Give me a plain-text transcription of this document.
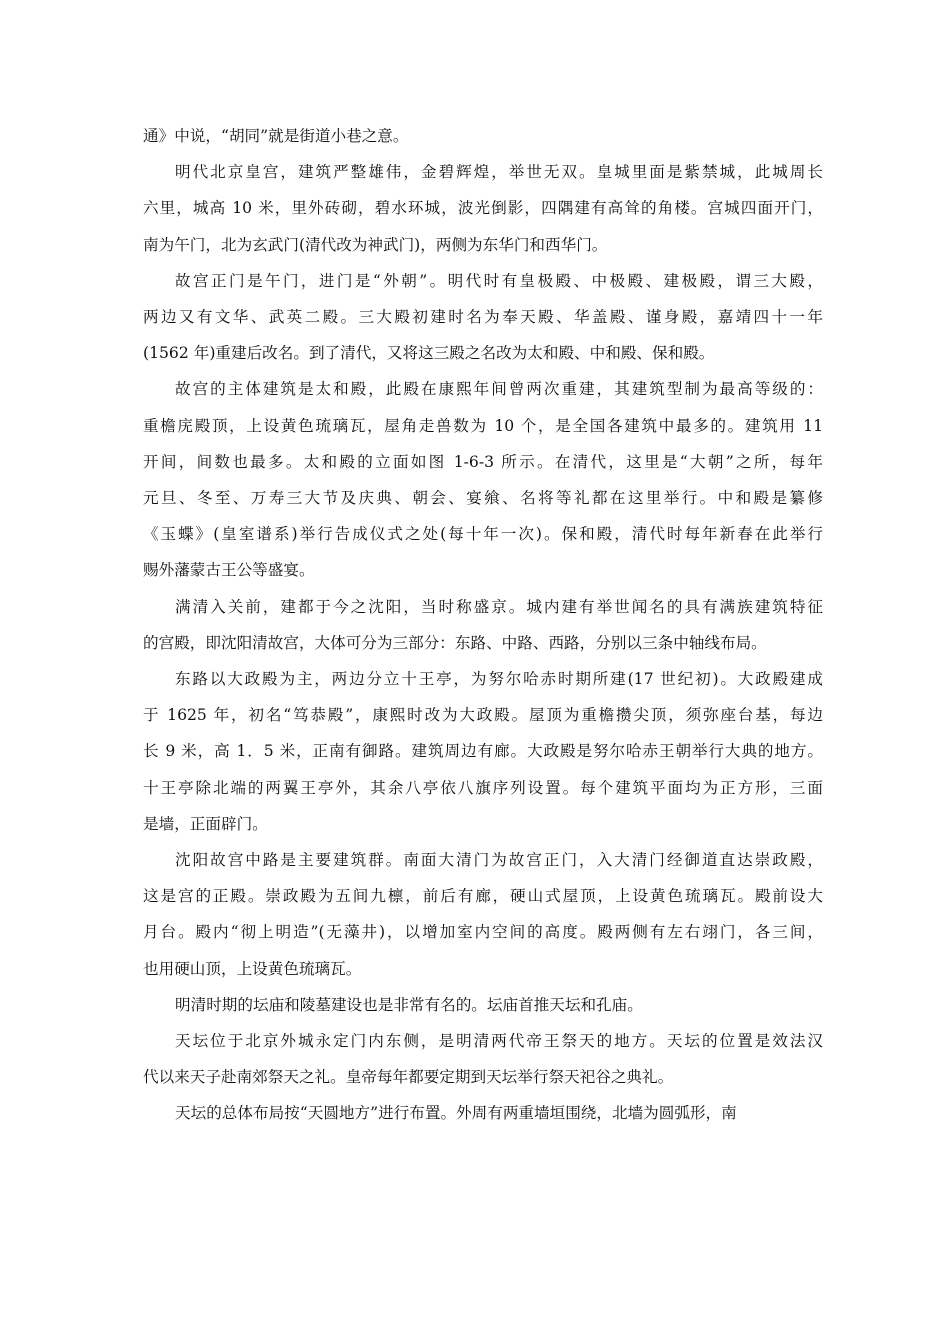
通》中说，“胡同”就是街道小巷之意。
明代北京皇宫，建筑严整雄伟，金碧辉煌，举世无双。皇城里面是紫禁城，此城周长
六里，城高 10 米，里外砖砌，碧水环城，波光倒影，四隅建有高耸的角楼。宫城四面开门，
南为午门，北为玄武门(清代改为神武门)，两侧为东华门和西华门。
故宫正门是午门，进门是“外朝”。明代时有皇极殿、中极殿、建极殿，谓三大殿，
两边又有文华、武英二殿。三大殿初建时名为奉天殿、华盖殿、谨身殿，嘉靖四十一年
(1562 年)重建后改名。到了清代，又将这三殿之名改为太和殿、中和殿、保和殿。
故宫的主体建筑是太和殿，此殿在康熙年间曾两次重建，其建筑型制为最高等级的：
重檐庑殿顶，上设黄色琉璃瓦，屋角走兽数为 10 个，是全国各建筑中最多的。建筑用 11
开间，间数也最多。太和殿的立面如图 1-6-3 所示。在清代，这里是“大朝”之所，每年
元旦、冬至、万寿三大节及庆典、朝会、宴飨、名将等礼都在这里举行。中和殿是纂修
《玉蝶》(皇室谱系)举行告成仪式之处(每十年一次)。保和殿，清代时每年新春在此举行
赐外藩蒙古王公等盛宴。
满清入关前，建都于今之沈阳，当时称盛京。城内建有举世闻名的具有满族建筑特征
的宫殿，即沈阳清故宫，大体可分为三部分：东路、中路、西路，分别以三条中轴线布局。
东路以大政殿为主，两边分立十王亭，为努尔哈赤时期所建(17 世纪初)。大政殿建成
于 1625 年，初名“笃恭殿”，康熙时改为大政殿。屋顶为重檐攒尖顶，须弥座台基，每边
长 9 米，高 1．5 米，正南有御路。建筑周边有廊。大政殿是努尔哈赤王朝举行大典的地方。
十王亭除北端的两翼王亭外，其余八亭依八旗序列设置。每个建筑平面均为正方形，三面
是墙，正面辟门。
沈阳故宫中路是主要建筑群。南面大清门为故宫正门，入大清门经御道直达崇政殿，
这是宫的正殿。崇政殿为五间九檩，前后有廊，硬山式屋顶，上设黄色琉璃瓦。殿前设大
月台。殿内“彻上明造”(无藻井)，以增加室内空间的高度。殿两侧有左右翊门，各三间，
也用硬山顶，上设黄色琉璃瓦。
明清时期的坛庙和陵墓建设也是非常有名的。坛庙首推天坛和孔庙。
天坛位于北京外城永定门内东侧，是明清两代帝王祭天的地方。天坛的位置是效法汉
代以来天子赴南郊祭天之礼。皇帝每年都要定期到天坛举行祭天祀谷之典礼。
天坛的总体布局按“天圆地方”进行布置。外周有两重墙垣围绕，北墙为圆弧形，南
